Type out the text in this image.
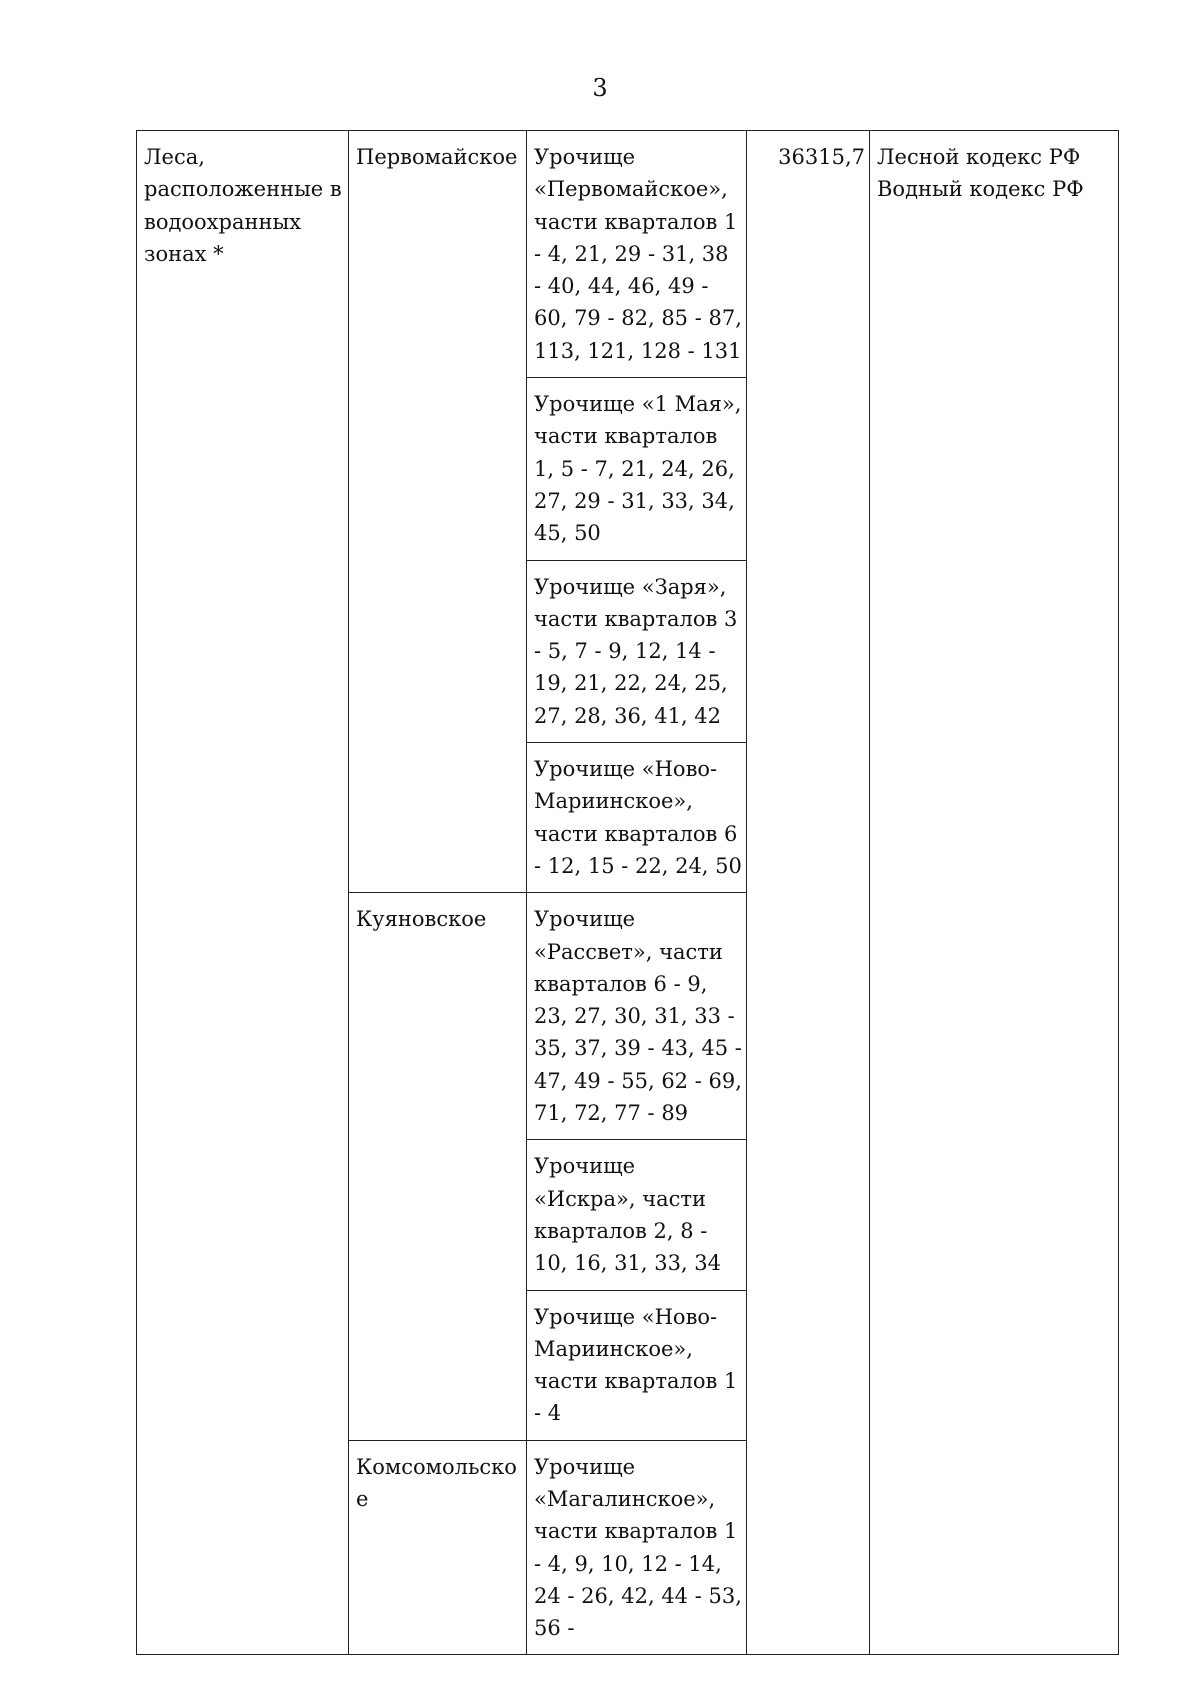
3
Леса, расположенные в водоохранных зонах *	Первомайское	Урочище «Первомайское», части кварталов 1 - 4, 21, 29 - 31, 38 - 40, 44, 46, 49 - 60, 79 - 82, 85 - 87, 113, 121, 128 - 131	36315,7	Лесной кодекс РФ
Водный кодекс РФ

		Урочище «1 Мая», части кварталов 1, 5 - 7, 21, 24, 26, 27, 29 - 31, 33, 34, 45, 50		
		Урочище «Заря», части кварталов 3 - 5, 7 - 9, 12, 14 - 19, 21, 22, 24, 25, 27, 28, 36, 41, 42		
		Урочище «Ново-Мариинское», части кварталов 6 - 12, 15 - 22, 24, 50		
	Куяновское	Урочище «Рассвет», части кварталов 6 - 9, 23, 27, 30, 31, 33 - 35, 37, 39 - 43, 45 - 47, 49 - 55, 62 - 69, 71, 72, 77 - 89		
		Урочище «Искра», части кварталов 2, 8 - 10, 16, 31, 33, 34		
		Урочище «Ново-Мариинское», части кварталов 1 - 4		
	Комсомольское	Урочище «Магалинское», части кварталов 1 - 4, 9, 10, 12 - 14, 24 - 26, 42, 44 - 53, 56 -		
